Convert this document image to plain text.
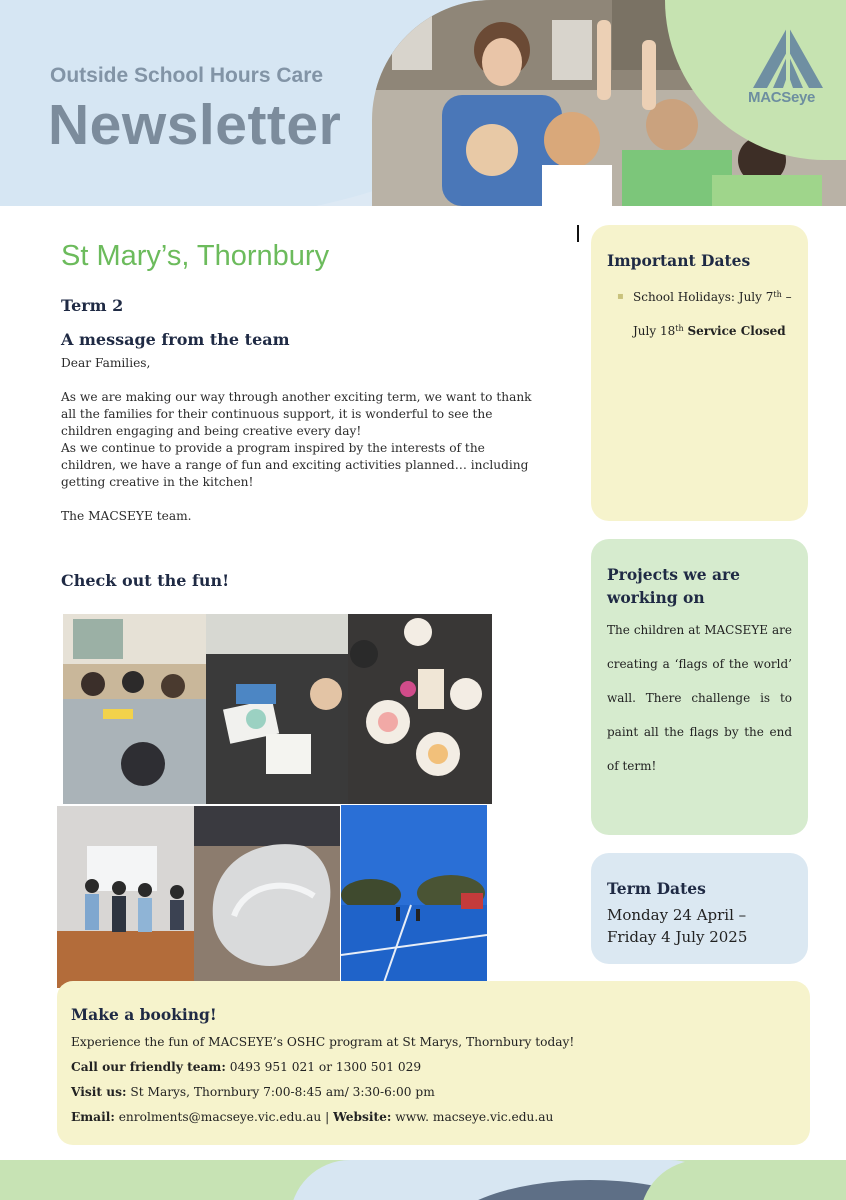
Outside School Hours Care
Newsletter	MACSeye
St Mary’s, Thornbury
Term 2
A message from the team

Dear Families,

As we are making our way through another exciting term, we want to thank
all the families for their continuous support, it is wonderful to see the
children engaging and being creative every day!
As we continue to provide a program inspired by the interests of the
children, we have a range of fun and exciting activities planned… including
getting creative in the kitchen!

The MACSEYE team.

Check out the fun!
Important Dates
▪ School Holidays: July 7th – July 18th Service Closed
Projects we are working on

The children at MACSEYE are creating a ‘flags of the world’ wall. There challenge is to paint all the flags by the end of term!

Term Dates
Monday 24 April –
Friday 4 July 2025
Make a booking!
Experience the fun of MACSEYE’s OSHC program at St Marys, Thornbury today!
Call our friendly team: 0493 951 021 or 1300 501 029
Visit us: St Marys, Thornbury 7:00-8:45 am/ 3:30-6:00 pm
Email: enrolments@macseye.vic.edu.au | Website: www. macseye.vic.edu.au
